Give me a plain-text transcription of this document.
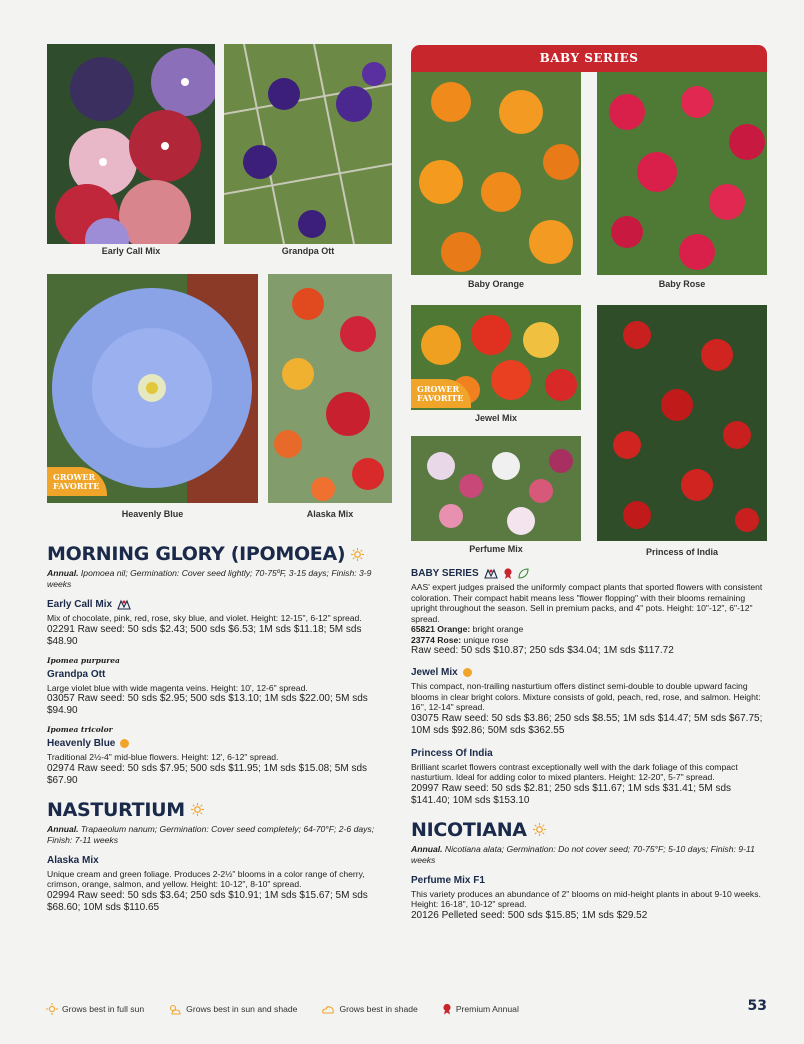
Early Call Mix	Grandpa Ott
GROWER
FAVORITE
Heavenly Blue	Alaska Mix
BABY SERIES
Baby Orange	Baby Rose
GROWER
FAVORITE
Jewel Mix
Perfume Mix	Princess of India
MORNING GLORY (IPOMOEA)
Annual. Ipomoea nil; Germination: Cover seed lightly; 70-75ºF, 3-15 days; Finish: 3-9 weeks
Early Call Mix
Mix of chocolate, pink, red, rose, sky blue, and violet. Height: 12-15", 6-12" spread.
02291 Raw seed: 50 sds $2.43; 500 sds $6.53; 1M sds $11.18; 5M sds $48.90
Ipomea purpurea
Grandpa Ott
Large violet blue with wide magenta veins. Height: 10', 12-6" spread.
03057 Raw seed: 50 sds $2.95; 500 sds $13.10; 1M sds $22.00; 5M sds $94.90
Ipomea tricolor
Heavenly Blue
Traditional 2½-4" mid-blue flowers. Height: 12', 6-12" spread.
02974 Raw seed: 50 sds $7.95; 500 sds $11.95; 1M sds $15.08; 5M sds $67.90
NASTURTIUM
Annual. Trapaeolum nanum; Germination: Cover seed completely; 64-70°F; 2-6 days; Finish: 7-11 weeks
Alaska Mix
Unique cream and green foliage. Produces 2-2½" blooms in a color range of cherry, crimson, orange, salmon, and yellow. Height: 10-12", 8-10" spread.
02994 Raw seed: 50 sds $3.64; 250 sds $10.91; 1M sds $15.67; 5M sds $68.60; 10M sds $110.65
BABY SERIES
AAS' expert judges praised the uniformly compact plants that sported flowers with consistent coloration. Their compact habit means less "flower flopping" with their blooms remaining upright throughout the season. Sell in premium packs, and 4" pots. Height: 10"-12", 6"-12" spread.
65821 Orange: bright orange
23774 Rose: unique rose
Raw seed: 50 sds $10.87; 250 sds $34.04; 1M sds $117.72
Jewel Mix
This compact, non-trailing nasturtium offers distinct semi-double to double upward facing blooms in clear bright colors. Mixture consists of gold, peach, red, rose, and salmon. Height: 16'', 12-14" spread.
03075 Raw seed: 50 sds $3.86; 250 sds $8.55; 1M sds $14.47; 5M sds $67.75; 10M sds $92.86; 50M sds $362.55
Princess Of India
Brilliant scarlet flowers contrast exceptionally well with the dark foliage of this compact nasturtium. Ideal for adding color to mixed planters. Height: 12-20", 5-7" spread.
20997 Raw seed: 50 sds $2.81; 250 sds $11.67; 1M sds $31.41; 5M sds $141.40; 10M sds $153.10
NICOTIANA
Annual. Nicotiana alata; Germination: Do not cover seed; 70-75°F; 5-10 days; Finish: 9-11 weeks
Perfume Mix F1
This variety produces an abundance of 2" blooms on mid-height plants in about 9-10 weeks. Height: 16-18", 10-12" spread.
20126 Pelleted seed: 500 sds $15.85; 1M sds $29.52
Grows best in full sun	Grows best in sun and shade	Grows best in shade	Premium Annual	53
